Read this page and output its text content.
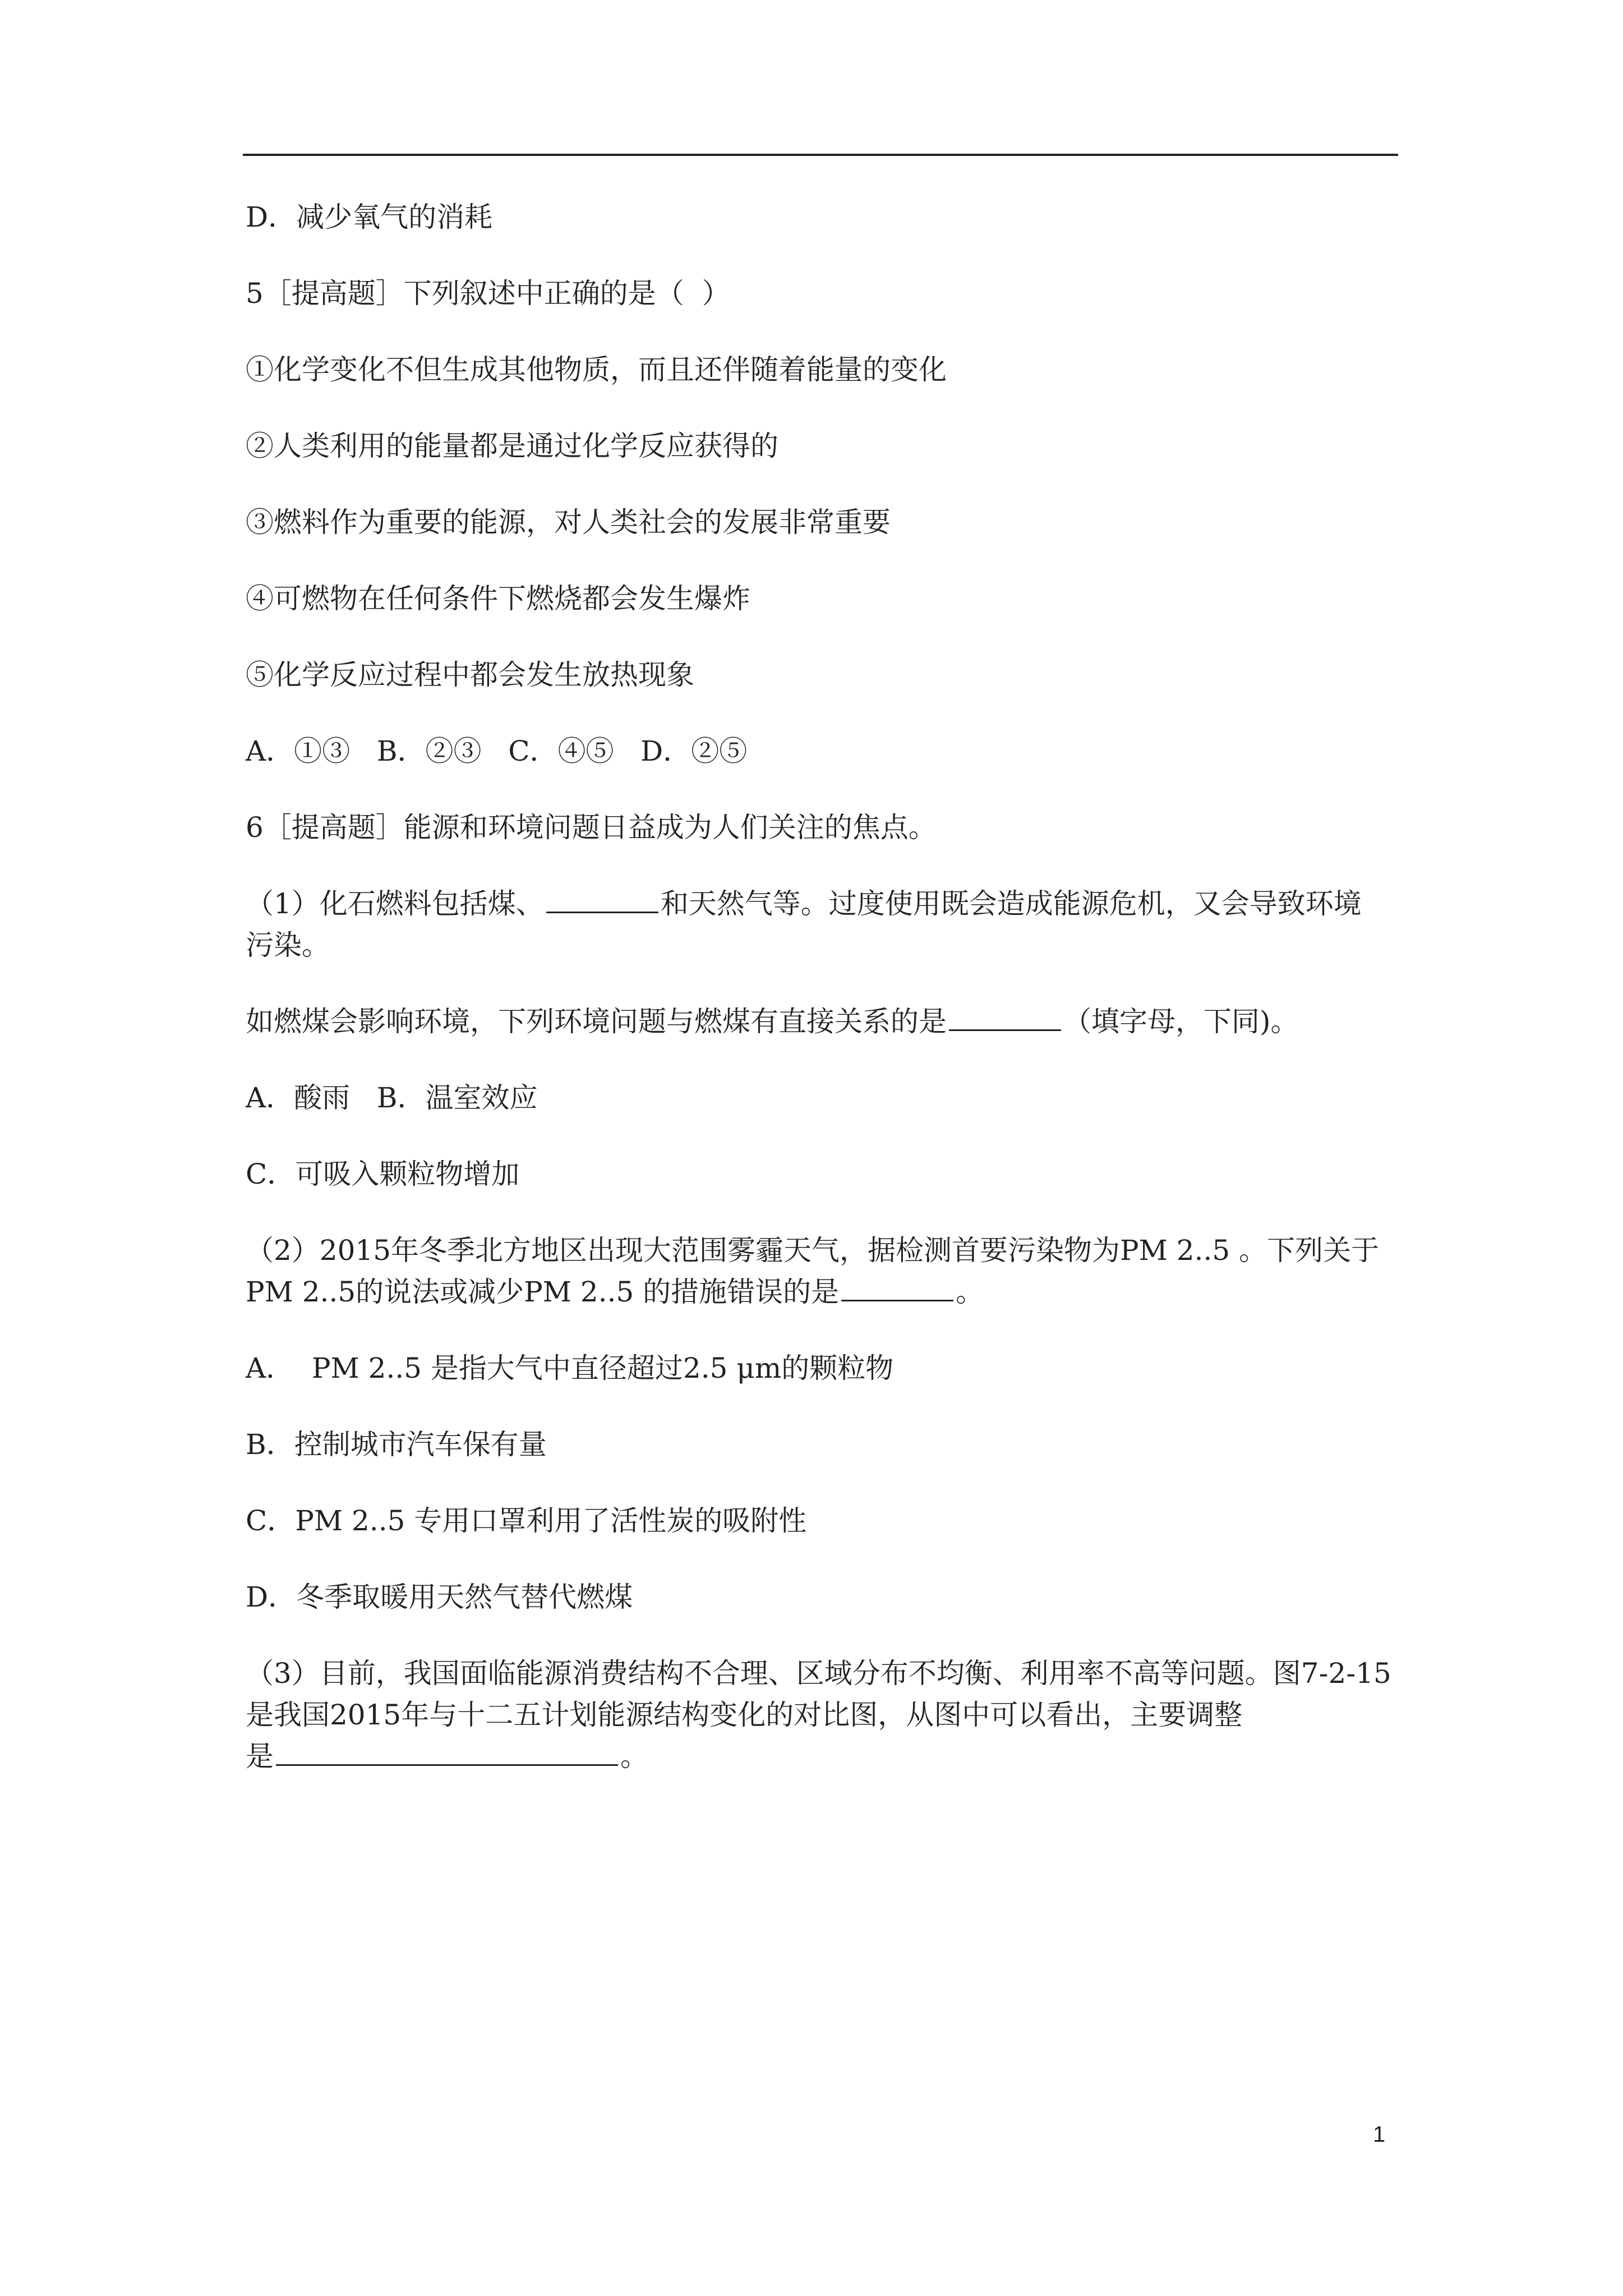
D．减少氧气的消耗

5［提高题］下列叙述中正确的是（  ）

①化学变化不但生成其他物质，而且还伴随着能量的变化

②人类利用的能量都是通过化学反应获得的

③燃料作为重要的能源，对人类社会的发展非常重要

④可燃物在任何条件下燃烧都会发生爆炸

⑤化学反应过程中都会发生放热现象

A．①③   B．②③   C．④⑤   D．②⑤

6［提高题］能源和环境问题日益成为人们关注的焦点。

（1）化石燃料包括煤、	和天然气等。过度使用既会造成能源危机，又会导致环境

污染。

如燃煤会影响环境，下列环境问题与燃煤有直接关系的是	（填字母，下同)。

A．酸雨   B．温室效应

C．可吸入颗粒物增加

（2）2015年冬季北方地区出现大范围雾霾天气，据检测首要污染物为PM 2..5 。下列关于

PM 2..5的说法或减少PM 2..5 的措施错误的是	。

A．  PM 2..5 是指大气中直径超过2.5 μm的颗粒物

B．控制城市汽车保有量

C．PM 2..5 专用口罩利用了活性炭的吸附性

D．冬季取暖用天然气替代燃煤

（3）目前，我国面临能源消费结构不合理、区域分布不均衡、利用率不高等问题。图7-2-15

是我国2015年与十二五计划能源结构变化的对比图，从图中可以看出，主要调整

是	。

1
